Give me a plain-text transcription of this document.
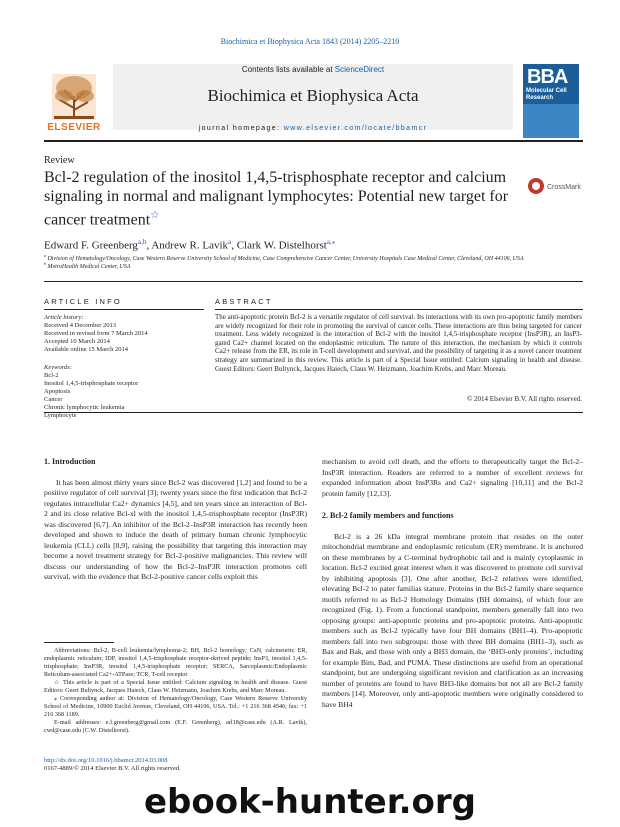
Biochimica et Biophysica Acta 1843 (2014) 2205–2210
Contents lists available at ScienceDirect
Biochimica et Biophysica Acta
journal homepage: www.elsevier.com/locate/bbamcr
ELSEVIER
BBA
Molecular Cell Research
Review
Bcl-2 regulation of the inositol 1,4,5-trisphosphate receptor and calcium signaling in normal and malignant lymphocytes: Potential new target for cancer treatment☆
CrossMark
Edward F. Greenberg$^{a,b}$, Andrew R. Lavik$^a$, Clark W. Distelhorst$^{a,⁎}$
$^a$ Division of Hematology/Oncology, Case Western Reserve University School of Medicine, Case Comprehensive Cancer Center, University Hospitals Case Medical Center, Cleveland, OH 44106, USA
$^b$ MetroHealth Medical Center, USA
ARTICLE INFO
Article history:
Received 4 December 2013
Received in revised form 7 March 2014
Accepted 10 March 2014
Available online 15 March 2014
Keywords:
Bcl-2
Inositol 1,4,5-trisphosphate receptor
Apoptosis
Cancer
Chronic lymphocytic leukemia
Lymphocyte
ABSTRACT
The anti-apoptotic protein Bcl-2 is a versatile regulator of cell survival. Its interactions with its own pro-apoptotic family members are widely recognized for their role in promoting the survival of cancer cells. These interactions are thus being targeted for cancer treatment. Less widely recognized is the interaction of Bcl-2 with the inositol 1,4,5-trisphosphate receptor (InsP3R), an InsP3-gated Ca2+ channel located on the endoplasmic reticulum. The nature of this interaction, the mechanism by which it controls Ca2+ release from the ER, its role in T-cell development and survival, and the possibility of targeting it as a novel cancer treatment strategy are summarized in this review. This article is part of a Special Issue entitled: Calcium signaling in health and disease. Guest Editors: Geert Bultynck, Jacques Haiech, Claus W. Heizmann, Joachim Krebs, and Marc Moreau.
© 2014 Elsevier B.V. All rights reserved.
1. Introduction

It has been almost thirty years since Bcl-2 was discovered [1,2] and found to be a positive regulator of cell survival [3]; twenty years since the first indication that Bcl-2 regulates intracellular Ca2+ dynamics [4,5], and ten years since an interaction of Bcl-2 and its close relative Bcl-xl with the inositol 1,4,5-trisphosphate receptor (InsP3R) was discovered [6,7]. An inhibitor of the Bcl-2–InsP3R interaction has recently been developed and shown to induce the death of primary human chronic lymphocytic leukemia (CLL) cells [8,9], raising the possibility that targeting this interaction may become a novel treatment strategy for Bcl-2-positive malignancies. This review will discuss our understanding of how the Bcl-2–InsP3R interaction promotes cell survival, with the evidence that Bcl-2-positive cancer cells exploit this

mechanism to avoid cell death, and the efforts to therapeutically target the Bcl-2–InsP3R interaction. Readers are referred to a number of excellent reviews for expanded information about InsP3Rs and Ca2+ signaling [10,11] and the Bcl-2 protein family [12,13].

2. Bcl-2 family members and functions

Bcl-2 is a 26 kDa integral membrane protein that resides on the outer mitochondrial membrane and endoplasmic reticulum (ER) membrane. It is anchored on these membranes by a C-terminal hydrophobic tail and is mainly cytoplasmic in location. Bcl-2 excited great interest when it was discovered to promote cell survival by inhibiting apoptosis [3]. One after another, Bcl-2 relatives were identified, elevating Bcl-2 to pater familias stature. Proteins in the Bcl-2 family share sequence motifs referred to as Bcl-2 Homology Domains (BH domains), of which four are recognized (Fig. 1). From a functional standpoint, members generally fall into two opposing groups: anti-apoptotic proteins and pro-apoptotic proteins. Anti-apoptotic members such as Bcl-2 typically have four BH domains (BH1–4). Pro-apoptotic members fall into two subgroups: those with three BH domains (BH1–3), such as Bax and Bak, and those with only a BH3 domain, the ‘BH3-only proteins’, including for example Bim, Bad, and PUMA. These distinctions are useful from an operational standpoint, but are undergoing significant revision and clarification as an increasing number of proteins are found to have BH3-like domains but not all are Bcl-2 family members [14]. Moreover, only anti-apoptotic members were originally considered to have BH4

Abbreviations: Bcl-2, B-cell leukemia/lymphoma-2; BH, Bcl-2 homology; CaN, calcineurin; ER, endoplasmic reticulum; IDP, inositol 1,4,5-trisphosphate receptor-derived peptide; InsP3, inositol 1,4,5-trisphosphate; InsP3R, inositol 1,4,5-trisphosphate receptor; SERCA, Sarcoplasmic/Endoplasmic Reticulum-associated Ca2+-ATPase; TCR, T-cell receptor

☆ This article is part of a Special Issue entitled: Calcium signaling in health and disease. Guest Editors: Geert Bultynck, Jacques Haiech, Claus W. Heizmann, Joachim Krebs, and Marc Moreau.

⁎ Corresponding author at: Division of Hematology/Oncology, Case Western Reserve University School of Medicine, 10900 Euclid Avenue, Cleveland, OH 44106, USA. Tel.: +1 216 368 4546; fax: +1 216 368 1189.

E-mail addresses: e.f.greenberg@gmail.com (E.F. Greenberg), arl18@case.edu (A.R. Lavik), cwd@case.edu (C.W. Distelhorst).

http://dx.doi.org/10.1016/j.bbamcr.2014.03.008
0167-4889/© 2014 Elsevier B.V. All rights reserved.
ebook-hunter.org
